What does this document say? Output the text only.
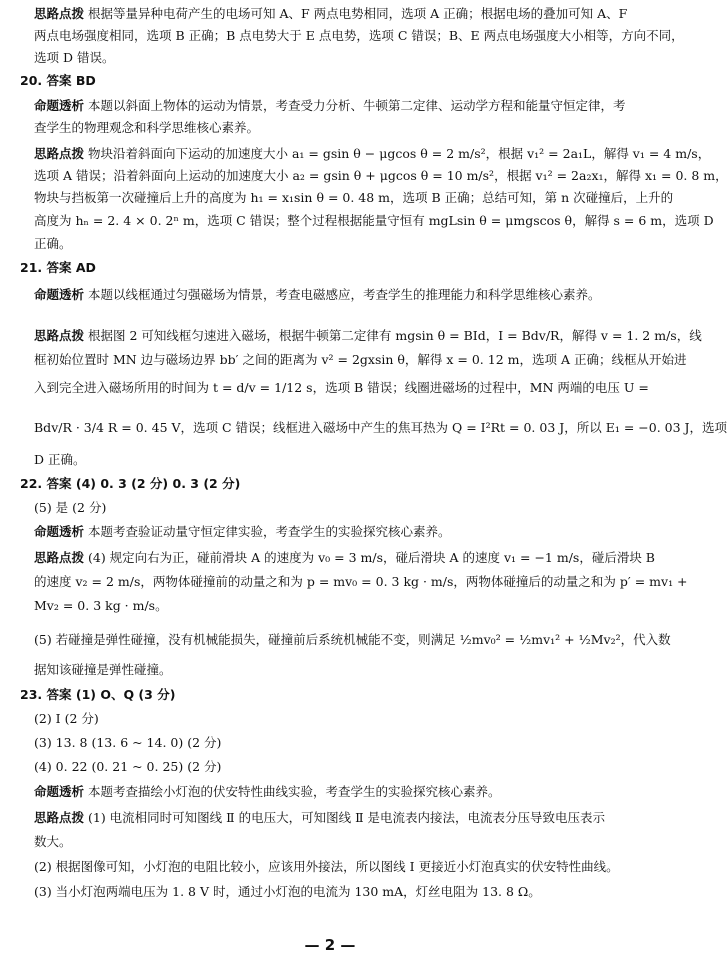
思路点拨 根据等量异种电荷产生的电场可知 A、F 两点电势相同，选项 A 正确；根据电场的叠加可知 A、F
两点电场强度相同，选项 B 正确；B 点电势大于 E 点电势，选项 C 错误；B、E 两点电场强度大小相等，方向不同，
选项 D 错误。
20. 答案 BD
命题透析 本题以斜面上物体的运动为情景，考查受力分析、牛顿第二定律、运动学方程和能量守恒定律，考
查学生的物理观念和科学思维核心素养。
思路点拨 物块沿着斜面向下运动的加速度大小 a₁ = gsin θ − μgcos θ = 2 m/s²，根据 v₁² = 2a₁L，解得 v₁ = 4 m/s，
选项 A 错误；沿着斜面向上运动的加速度大小 a₂ = gsin θ + μgcos θ = 10 m/s²，根据 v₁² = 2a₂x₁，解得 x₁ = 0. 8 m，
物块与挡板第一次碰撞后上升的高度为 h₁ = x₁sin θ = 0. 48 m，选项 B 正确；总结可知，第 n 次碰撞后，上升的
高度为 hₙ = 2. 4 × 0. 2ⁿ m，选项 C 错误；整个过程根据能量守恒有 mgLsin θ = μmgscos θ，解得 s = 6 m，选项 D
正确。
21. 答案 AD
命题透析 本题以线框通过匀强磁场为情景，考查电磁感应，考查学生的推理能力和科学思维核心素养。
思路点拨 根据图 2 可知线框匀速进入磁场，根据牛顿第二定律有 mgsin θ = BId，I = Bdv/R，解得 v = 1. 2 m/s，线
框初始位置时 MN 边与磁场边界 bb′ 之间的距离为 v² = 2gxsin θ，解得 x = 0. 12 m，选项 A 正确；线框从开始进
入到完全进入磁场所用的时间为 t = d/v = 1/12 s，选项 B 错误；线圈进磁场的过程中，MN 两端的电压 U =
Bdv/R · 3/4 R = 0. 45 V，选项 C 错误；线框进入磁场中产生的焦耳热为 Q = I²Rt = 0. 03 J，所以 E₁ = −0. 03 J，选项
D 正确。
22. 答案 (4) 0. 3 (2 分) 0. 3 (2 分)
(5) 是 (2 分)
命题透析 本题考查验证动量守恒定律实验，考查学生的实验探究核心素养。
思路点拨 (4) 规定向右为正，碰前滑块 A 的速度为 v₀ = 3 m/s，碰后滑块 A 的速度 v₁ = −1 m/s，碰后滑块 B
的速度 v₂ = 2 m/s，两物体碰撞前的动量之和为 p = mv₀ = 0. 3 kg · m/s，两物体碰撞后的动量之和为 p′ = mv₁ +
Mv₂ = 0. 3 kg · m/s。
(5) 若碰撞是弹性碰撞，没有机械能损失，碰撞前后系统机械能不变，则满足 ½mv₀² = ½mv₁² + ½Mv₂²，代入数
据知该碰撞是弹性碰撞。
23. 答案 (1) O、Q (3 分)
(2) I (2 分)
(3) 13. 8 (13. 6 ~ 14. 0) (2 分)
(4) 0. 22 (0. 21 ~ 0. 25) (2 分)
命题透析 本题考查描绘小灯泡的伏安特性曲线实验，考查学生的实验探究核心素养。
思路点拨 (1) 电流相同时可知图线 Ⅱ 的电压大，可知图线 Ⅱ 是电流表内接法，电流表分压导致电压表示
数大。
(2) 根据图像可知，小灯泡的电阻比较小，应该用外接法，所以图线 Ⅰ 更接近小灯泡真实的伏安特性曲线。
(3) 当小灯泡两端电压为 1. 8 V 时，通过小灯泡的电流为 130 mA，灯丝电阻为 13. 8 Ω。
— 2 —
